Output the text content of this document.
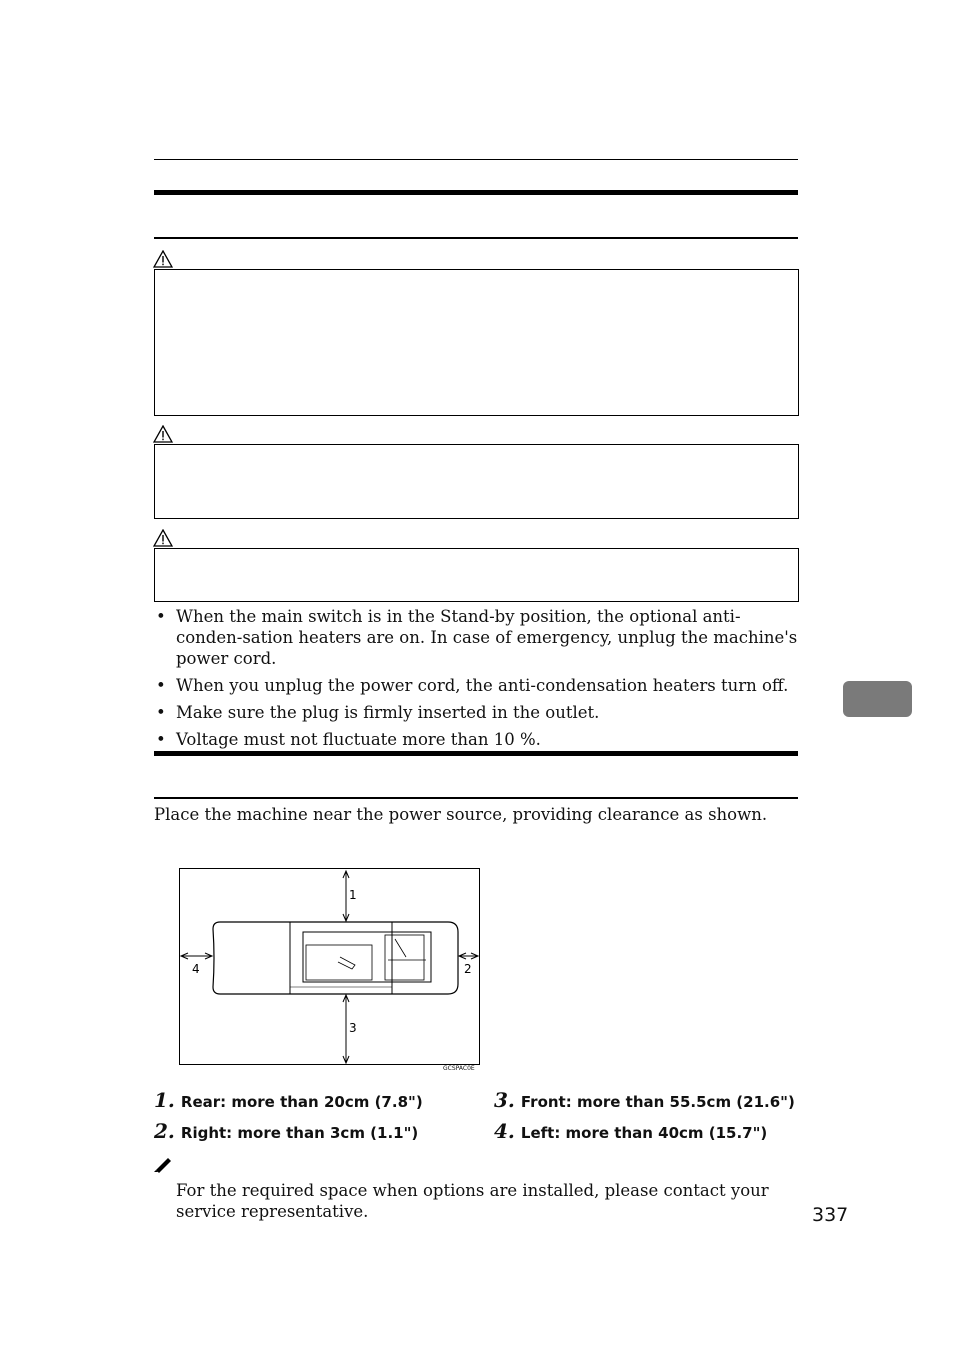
• When the main switch is in the Stand-by position, the optional anti-conden-sation heaters are on. In case of emergency, unplug the machine's power cord.
• When you unplug the power cord, the anti-condensation heaters turn off.
• Make sure the plug is firmly inserted in the outlet.
• Voltage must not fluctuate more than 10 %.
Place the machine near the power source, providing clearance as shown.
1
2
3
4
GCSPAC0E
1. Rear: more than 20cm (7.8")
2. Right: more than 3cm (1.1")
3. Front: more than 55.5cm (21.6")
4. Left: more than 40cm (15.7")
For the required space when options are installed, please contact your service representative.	337
